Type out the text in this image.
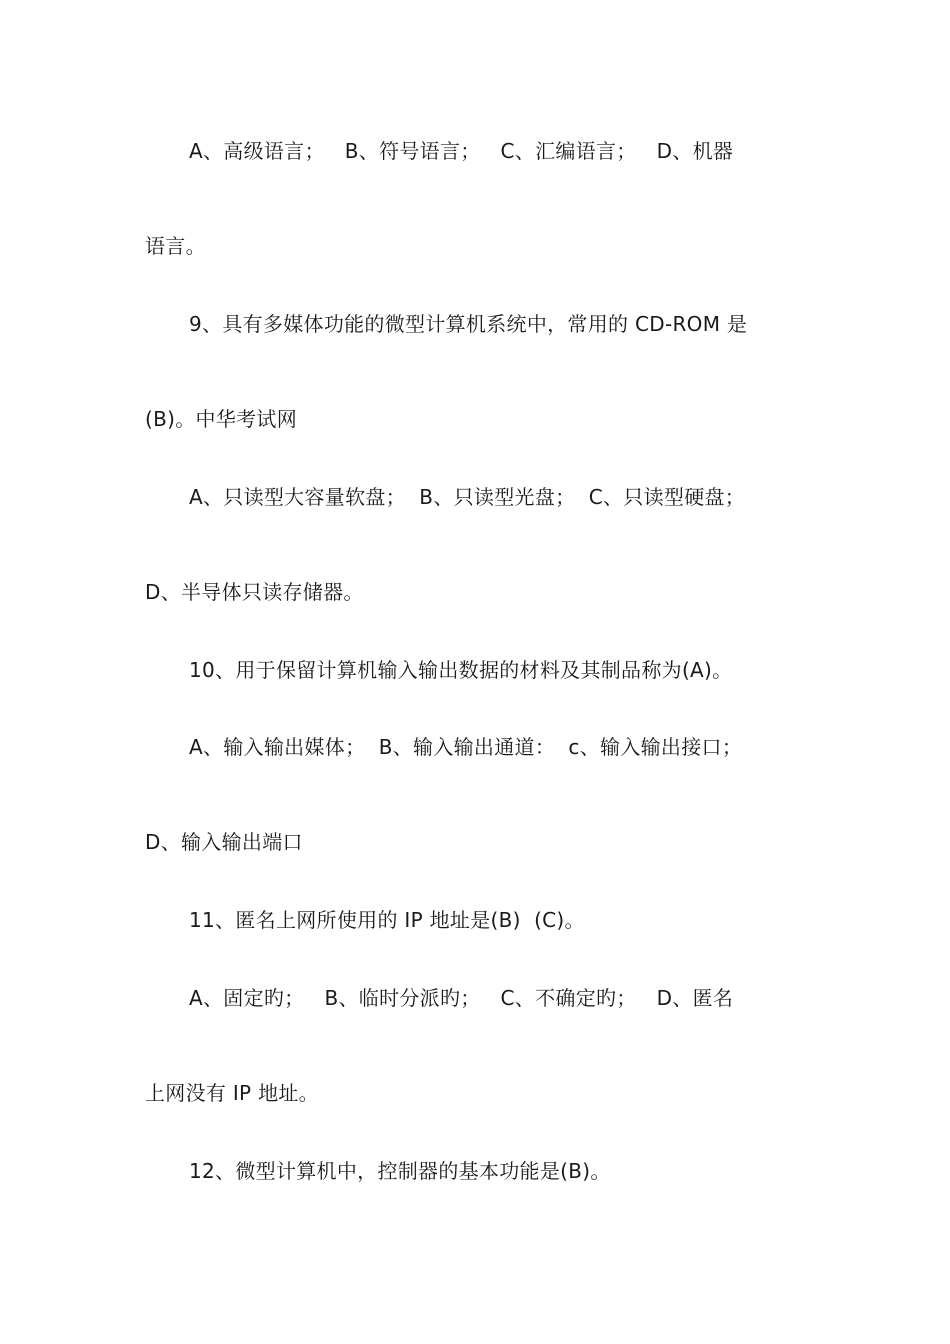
A、高级语言；   B、符号语言；   C、汇编语言；   D、机器
语言。
9、具有多媒体功能的微型计算机系统中，常用的 CD-ROM 是
(B)。中华考试网
A、只读型大容量软盘；  B、只读型光盘；  C、只读型硬盘；
D、半导体只读存储器。
10、用于保留计算机输入输出数据的材料及其制品称为(A)。
A、输入输出媒体；  B、输入输出通道：  c、输入输出接口；
D、输入输出端口
11、匿名上网所使用的 IP 地址是(B)  (C)。
A、固定旳；   B、临时分派旳；   C、不确定旳；   D、匿名
上网没有 IP 地址。
12、微型计算机中，控制器的基本功能是(B)。
